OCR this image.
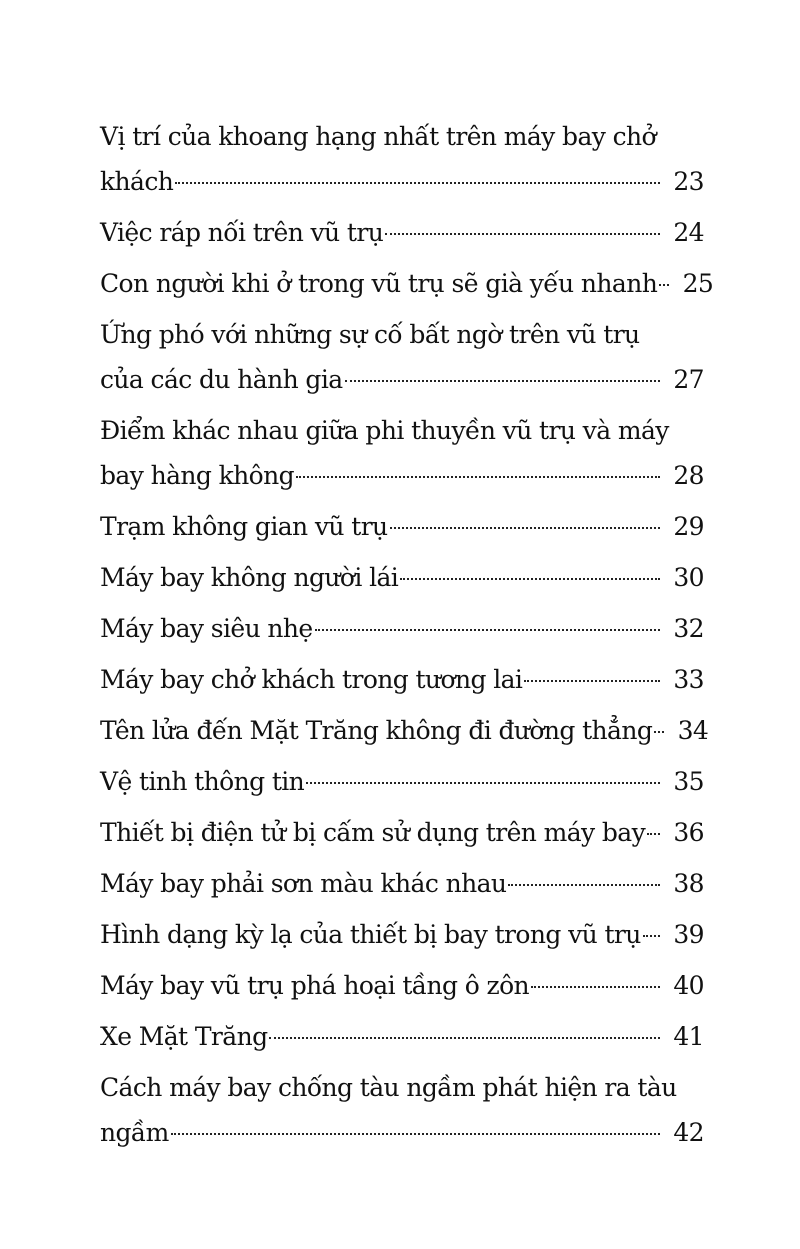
Vị trí của khoang hạng nhất trên máy bay chở
khách	23
Việc ráp nối trên vũ trụ	24
Con người khi ở trong vũ trụ sẽ già yếu nhanh 25
Ứng phó với những sự cố bất ngờ trên vũ trụ
của các du hành gia	27
Điểm khác nhau giữa phi thuyền vũ trụ và máy
bay hàng không	28
Trạm không gian vũ trụ	29
Máy bay không người lái	30
Máy bay siêu nhẹ	32
Máy bay chở khách trong tương lai	33
Tên lửa đến Mặt Trăng không đi đường thẳng 34
Vệ tinh thông tin	35
Thiết bị điện tử bị cấm sử dụng trên máy bay 36
Máy bay phải sơn màu khác nhau	38
Hình dạng kỳ lạ của thiết bị bay trong vũ trụ 39
Máy bay vũ trụ phá hoại tầng ô zôn	40
Xe Mặt Trăng	41
Cách máy bay chống tàu ngầm phát hiện ra tàu
ngầm	42
